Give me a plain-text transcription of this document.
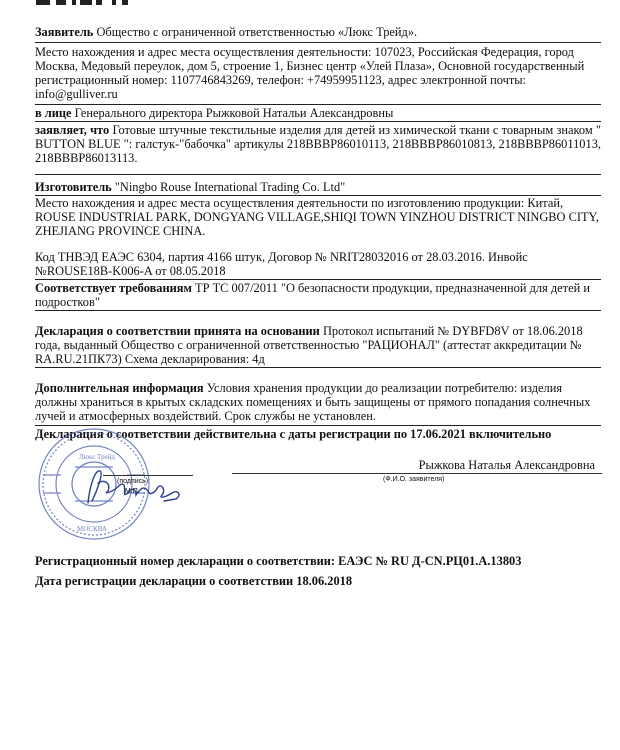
Заявитель Общество с ограниченной ответственностью «Люкс Трейд».
Место нахождения и адрес места осуществления деятельности: 107023, Российская Федерация, город Москва, Медовый переулок, дом 5, строение 1, Бизнес центр «Улей Плаза», Основной государственный регистрационный номер: 1107746843269, телефон: +74959951123, адрес электронной почты: info@gulliver.ru
в лице Генерального директора Рыжковой Натальи Александровны
заявляет, что Готовые штучные текстильные изделия для детей из химической ткани с товарным знаком " BUTTON BLUE ": галстук-"бабочка" артикулы 218BBBP86010113, 218BBBP86010813, 218BBBP86011013, 218BBBP86013113.
Изготовитель "Ningbo Rouse International Trading Co. Ltd"
Место нахождения и адрес места осуществления деятельности по изготовлению продукции: Китай, ROUSE INDUSTRIAL PARK, DONGYANG VILLAGE,SHIQI TOWN YINZHOU DISTRICT NINGBO CITY, ZHEJIANG PROVINCE CHINA.
Код ТНВЭД ЕАЭС 6304, партия 4166 штук, Договор № NRIT28032016 от 28.03.2016. Инвойс №ROUSE18B-K006-A от 08.05.2018
Соответствует требованиям ТР ТС 007/2011 "О безопасности продукции, предназначенной для детей и подростков"
Декларация о соответствии принята на основании Протокол испытаний № DYBFD8V от 18.06.2018 года, выданный Общество с ограниченной ответственностью "РАЦИОНАЛ" (аттестат аккредитации № RA.RU.21ПК73) Схема декларирования: 4д
Дополнительная информация Условия хранения продукции до реализации потребителю: изделия должны храниться в крытых складских помещениях и быть защищены от прямого попадания солнечных лучей и атмосферных воздействий. Срок службы не установлен.
Декларация о соответствии действительна с даты регистрации по 17.06.2021 включительно
Люкс Трейд
МОСКВА
(подпись)
М.П.
Рыжкова Наталья Александровна
(Ф.И.О. заявителя)
Регистрационный номер декларации о соответствии: ЕАЭС № RU Д-CN.РЦ01.А.13803
Дата регистрации декларации о соответствии 18.06.2018
